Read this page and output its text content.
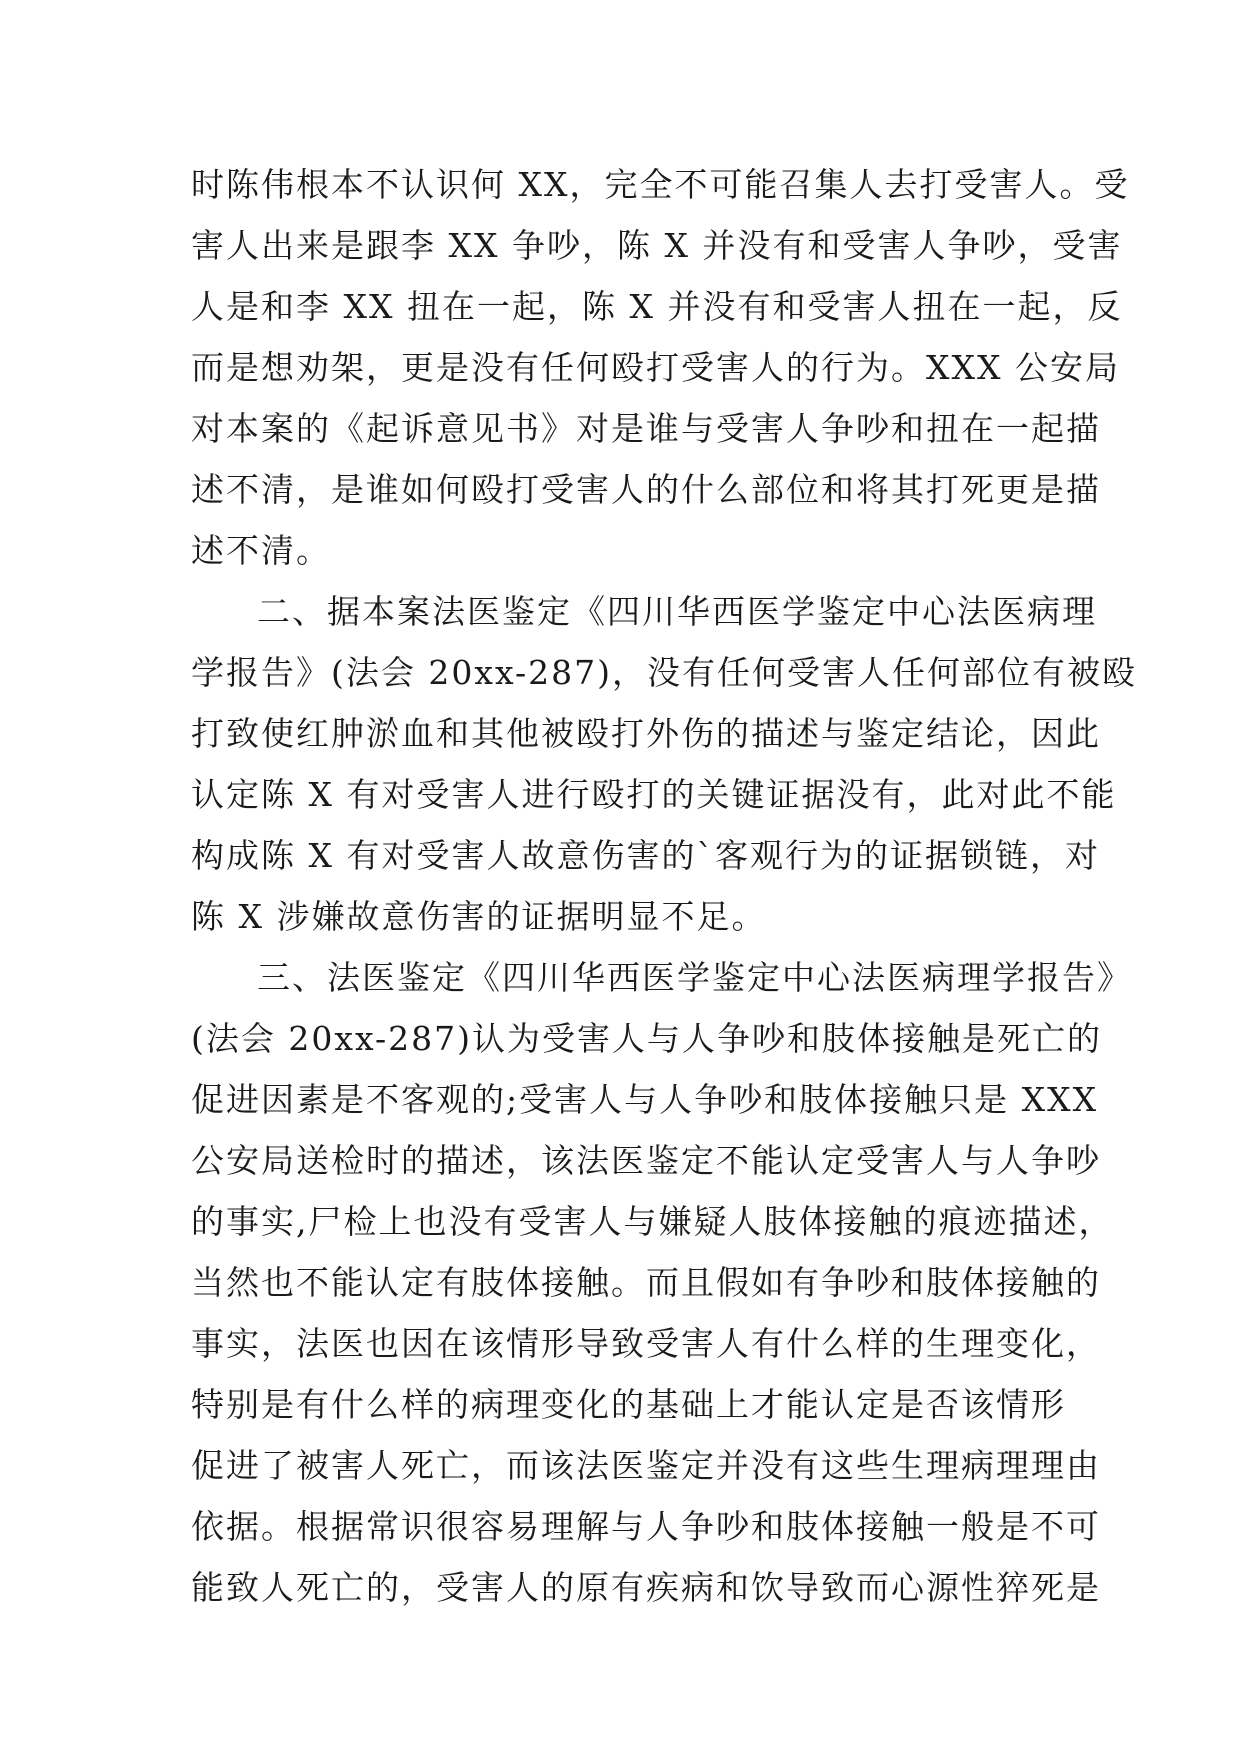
时陈伟根本不认识何 XX，完全不可能召集人去打受害人。受
害人出来是跟李 XX 争吵，陈 X 并没有和受害人争吵，受害
人是和李 XX 扭在一起，陈 X 并没有和受害人扭在一起，反
而是想劝架，更是没有任何殴打受害人的行为。XXX 公安局
对本案的《起诉意见书》对是谁与受害人争吵和扭在一起描
述不清，是谁如何殴打受害人的什么部位和将其打死更是描
述不清。
二、据本案法医鉴定《四川华西医学鉴定中心法医病理
学报告》(法会 20xx-287)，没有任何受害人任何部位有被殴
打致使红肿淤血和其他被殴打外伤的描述与鉴定结论，因此
认定陈 X 有对受害人进行殴打的关键证据没有，此对此不能
构成陈 X 有对受害人故意伤害的`客观行为的证据锁链，对
陈 X 涉嫌故意伤害的证据明显不足。
三、法医鉴定《四川华西医学鉴定中心法医病理学报告》
(法会 20xx-287)认为受害人与人争吵和肢体接触是死亡的
促进因素是不客观的;受害人与人争吵和肢体接触只是 XXX
公安局送检时的描述，该法医鉴定不能认定受害人与人争吵
的事实,尸检上也没有受害人与嫌疑人肢体接触的痕迹描述，
当然也不能认定有肢体接触。而且假如有争吵和肢体接触的
事实，法医也因在该情形导致受害人有什么样的生理变化，
特别是有什么样的病理变化的基础上才能认定是否该情形
促进了被害人死亡，而该法医鉴定并没有这些生理病理理由
依据。根据常识很容易理解与人争吵和肢体接触一般是不可
能致人死亡的，受害人的原有疾病和饮导致而心源性猝死是
